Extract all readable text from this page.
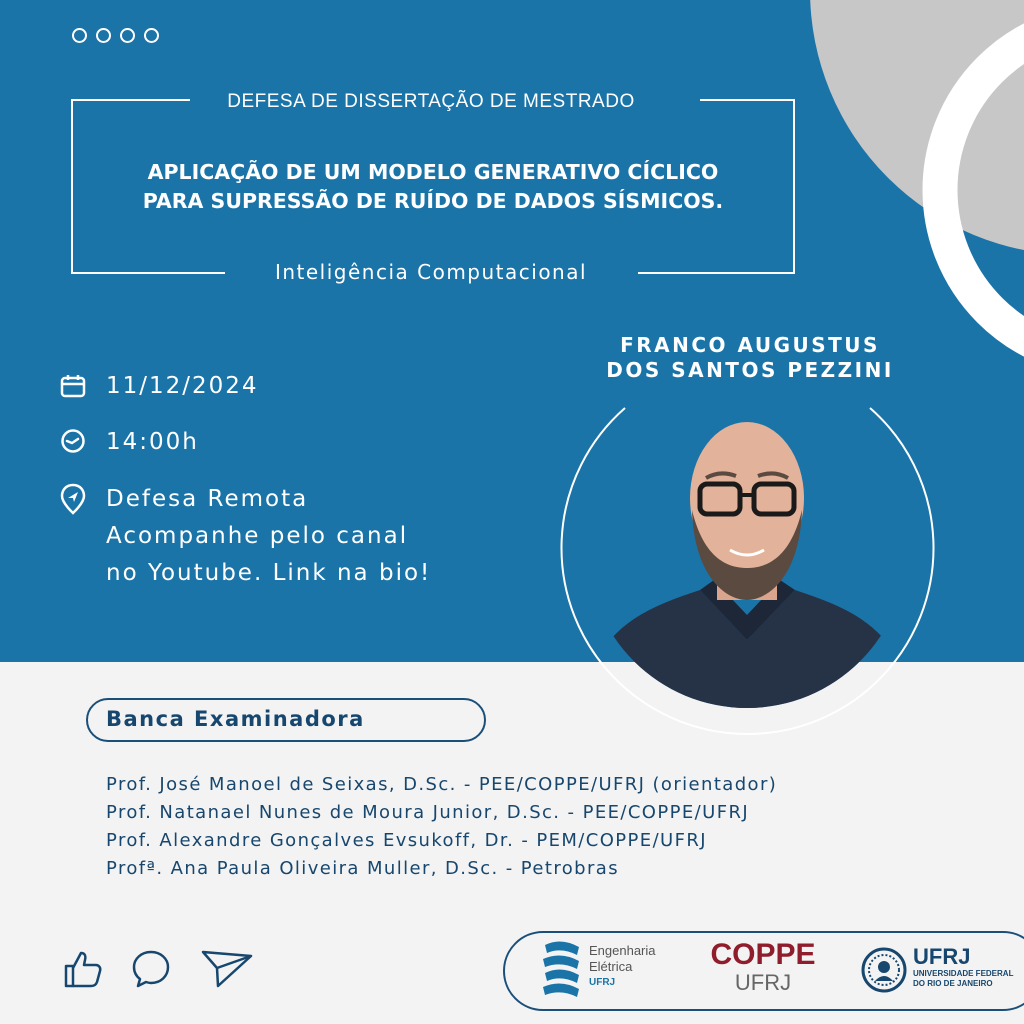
DEFESA DE DISSERTAÇÃO DE MESTRADO
APLICAÇÃO DE UM MODELO GENERATIVO CÍCLICO
PARA SUPRESSÃO DE RUÍDO DE DADOS SÍSMICOS.
Inteligência Computacional
11/12/2024
14:00h
Defesa Remota
Acompanhe pelo canal
no Youtube. Link na bio!
FRANCO AUGUSTUS
DOS SANTOS PEZZINI
Banca Examinadora
Prof. José Manoel de Seixas, D.Sc. - PEE/COPPE/UFRJ (orientador)
Prof. Natanael Nunes de Moura Junior, D.Sc. - PEE/COPPE/UFRJ
Prof. Alexandre Gonçalves Evsukoff, Dr. - PEM/COPPE/UFRJ
Profª. Ana Paula Oliveira Muller, D.Sc. - Petrobras
Engenharia
Elétrica
UFRJ
COPPE
UFRJ
UFRJ
UNIVERSIDADE FEDERAL
DO RIO DE JANEIRO
